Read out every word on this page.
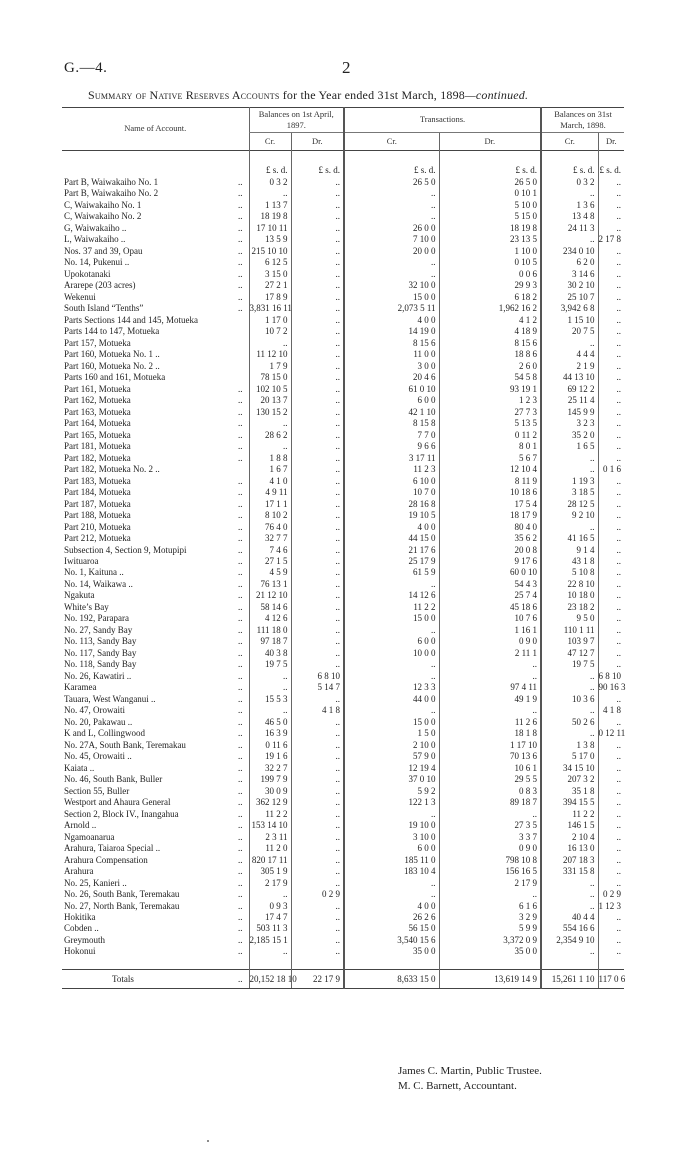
G.—4.	2
Summary of Native Reserves Accounts for the Year ended 31st March, 1898—continued.
Name of Account.	Balances on 1st April, 1897.		Transactions.		Balances on 31st March, 1898.	
	Cr.	Dr.	Cr.	Dr.	Cr.	Dr.

	£ s. d.	£ s. d.	£ s. d.	£ s. d.	£ s. d.	£ s. d.
Part B, Waiwakaiho No. 1 ..	0 3 2	..	26 5 0	26 5 0	0 3 2	..
Part B, Waiwakaiho No. 2 ..	..	..	..	0 10 1	..	..
C, Waiwakaiho No. 1 ..	1 13 7	..	..	5 10 0	1 3 6	..
C, Waiwakaiho No. 2 ..	18 19 8	..	..	5 15 0	13 4 8	..
G, Waiwakaiho .. ..	17 10 11	..	26 0 0	18 19 8	24 11 3	..
L, Waiwakaiho .. ..	13 5 9	..	7 10 0	23 13 5	..	2 17 8
Nos. 37 and 39, Opau ..	215 10 10	..	20 0 0	1 10 0	234 0 10	..
No. 14, Pukenui .. ..	6 12 5	..	..	0 10 5	6 2 0	..
Upokotanaki ..	3 15 0	..	..	0 0 6	3 14 6	..
Ararepe (203 acres) ..	27 2 1	..	32 10 0	29 9 3	30 2 10	..
Wekenui ..	17 8 9	..	15 0 0	6 18 2	25 10 7	..
South Island “Tenths” ..	3,831 16 11	..	2,073 5 11	1,962 16 2	3,942 6 8	..
Parts Sections 144 and 145, Motueka	1 17 0	..	4 0 0	4 1 2	1 15 10	..
Parts 144 to 147, Motueka	10 7 2	..	14 19 0	4 18 9	20 7 5	..
Part 157, Motueka	..	..	8 15 6	8 15 6	..	..
Part 160, Motueka No. 1 ..	11 12 10	..	11 0 0	18 8 6	4 4 4	..
Part 160, Motueka No. 2 ..	1 7 9	..	3 0 0	2 6 0	2 1 9	..
Parts 160 and 161, Motueka	78 15 0	..	20 4 6	54 5 8	44 13 10	..
Part 161, Motueka ..	102 10 5	..	61 0 10	93 19 1	69 12 2	..
Part 162, Motueka ..	20 13 7	..	6 0 0	1 2 3	25 11 4	..
Part 163, Motueka ..	130 15 2	..	42 1 10	27 7 3	145 9 9	..
Part 164, Motueka ..	..	..	8 15 8	5 13 5	3 2 3	..
Part 165, Motueka ..	28 6 2	..	7 7 0	0 11 2	35 2 0	..
Part 181, Motueka ..	..	..	9 6 6	8 0 1	1 6 5	..
Part 182, Motueka ..	1 8 8	..	3 17 11	5 6 7	..	..
Part 182, Motueka No. 2 ..	1 6 7	..	11 2 3	12 10 4	..	0 1 6
Part 183, Motueka ..	4 1 0	..	6 10 0	8 11 9	1 19 3	..
Part 184, Motueka ..	4 9 11	..	10 7 0	10 18 6	3 18 5	..
Part 187, Motueka ..	17 1 1	..	28 16 8	17 5 4	28 12 5	..
Part 188, Motueka ..	8 10 2	..	19 10 5	18 17 9	9 2 10	..
Part 210, Motueka ..	76 4 0	..	4 0 0	80 4 0	..	..
Part 212, Motueka ..	32 7 7	..	44 15 0	35 6 2	41 16 5	..
Subsection 4, Section 9, Motupipi ..	7 4 6	..	21 17 6	20 0 8	9 1 4	..
Iwituaroa ..	27 1 5	..	25 17 9	9 17 6	43 1 8	..
No. 1, Kaituna .. ..	4 5 9	..	61 5 9	60 0 10	5 10 8	..
No. 14, Waikawa .. ..	76 13 1	..	..	54 4 3	22 8 10	..
Ngakuta ..	21 12 10	..	14 12 6	25 7 4	10 18 0	..
White’s Bay ..	58 14 6	..	11 2 2	45 18 6	23 18 2	..
No. 192, Parapara ..	4 12 6	..	15 0 0	10 7 6	9 5 0	..
No. 27, Sandy Bay ..	111 18 0	..	..	1 16 1	110 1 11	..
No. 113, Sandy Bay ..	97 18 7	..	6 0 0	0 9 0	103 9 7	..
No. 117, Sandy Bay ..	40 3 8	..	10 0 0	2 11 1	47 12 7	..
No. 118, Sandy Bay ..	19 7 5	..	..	..	19 7 5	..
No. 26, Kawatiri .. ..	..	6 8 10	..	..	..	6 8 10
Karamea ..	..	5 14 7	12 3 3	97 4 11	..	90 16 3
Tauara, West Wanganui .. ..	15 5 3	..	44 0 0	49 1 9	10 3 6	..
No. 47, Orowaiti ..	..	4 1 8	..	..	..	4 1 8
No. 20, Pakawau .. ..	46 5 0	..	15 0 0	11 2 6	50 2 6	..
K and L, Collingwood ..	16 3 9	..	1 5 0	18 1 8	..	0 12 11
No. 27A, South Bank, Teremakau ..	0 11 6	..	2 10 0	1 17 10	1 3 8	..
No. 45, Orowaiti .. ..	19 1 6	..	57 9 0	70 13 6	5 17 0	..
Kaiata .. ..	32 2 7	..	12 19 4	10 6 1	34 15 10	..
No. 46, South Bank, Buller ..	199 7 9	..	37 0 10	29 5 5	207 3 2	..
Section 55, Buller ..	30 0 9	..	5 9 2	0 8 3	35 1 8	..
Westport and Ahaura General ..	362 12 9	..	122 1 3	89 18 7	394 15 5	..
Section 2, Block IV., Inangahua ..	11 2 2	..	..	..	11 2 2	..
Arnold .. ..	153 14 10	..	19 10 0	27 3 5	146 1 5	..
Ngamoanarua ..	2 3 11	..	3 10 0	3 3 7	2 10 4	..
Arahura, Taiaroa Special .. ..	11 2 0	..	6 0 0	0 9 0	16 13 0	..
Arahura Compensation ..	820 17 11	..	185 11 0	798 10 8	207 18 3	..
Arahura ..	305 1 9	..	183 10 4	156 16 5	331 15 8	..
No. 25, Kanieri .. ..	2 17 9	..	..	2 17 9	..	..
No. 26, South Bank, Teremakau ..	..	0 2 9	..	..	..	0 2 9
No. 27, North Bank, Teremakau ..	0 9 3	..	4 0 0	6 1 6	..	1 12 3
Hokitika ..	17 4 7	..	26 2 6	3 2 9	40 4 4	..
Cobden .. ..	503 11 3	..	56 15 0	5 9 9	554 16 6	..
Greymouth ..	2,185 15 1	..	3,540 15 6	3,372 0 9	2,354 9 10	..
Hokonui ..	..	..	35 0 0	35 0 0	..	..

Totals ..	20,152 18 10	22 17 9	8,633 15 0	13,619 14 9	15,261 1 10	117 0 6
James C. Martin, Public Trustee.
M. C. Barnett, Accountant.
